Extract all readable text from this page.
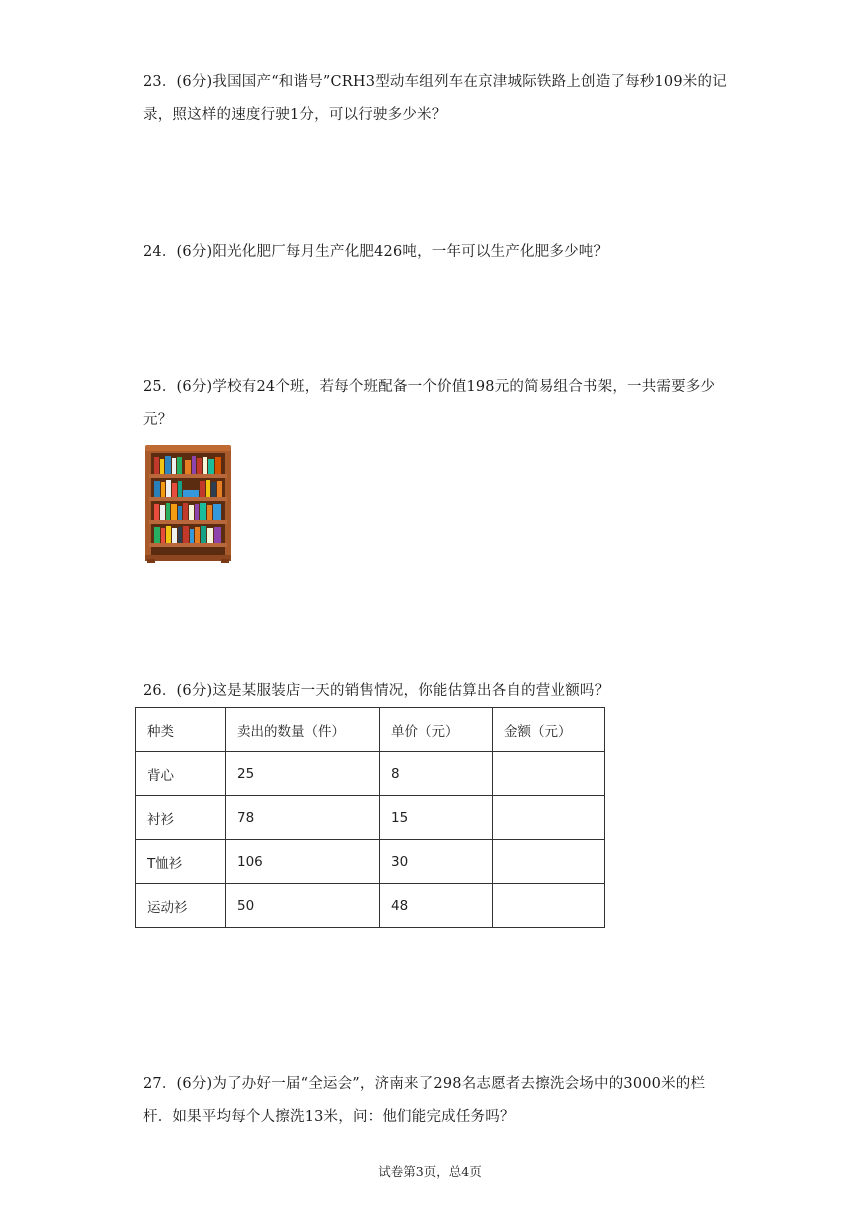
23．(6分)我国国产“和谐号”CRH3型动车组列车在京津城际铁路上创造了每秒109米的记录，照这样的速度行驶1分，可以行驶多少米？
24．(6分)阳光化肥厂每月生产化肥426吨，一年可以生产化肥多少吨？
25．(6分)学校有24个班，若每个班配备一个价值198元的简易组合书架，一共需要多少元？
26．(6分)这是某服装店一天的销售情况，你能估算出各自的营业额吗？
种类	卖出的数量（件）	单价（元）	金额（元）
背心	25	8	
衬衫	78	15	
T恤衫	106	30	
运动衫	50	48	
27．(6分)为了办好一届“全运会”，济南来了298名志愿者去擦洗会场中的3000米的栏杆．如果平均每个人擦洗13米，问：他们能完成任务吗？
试卷第3页，总4页
